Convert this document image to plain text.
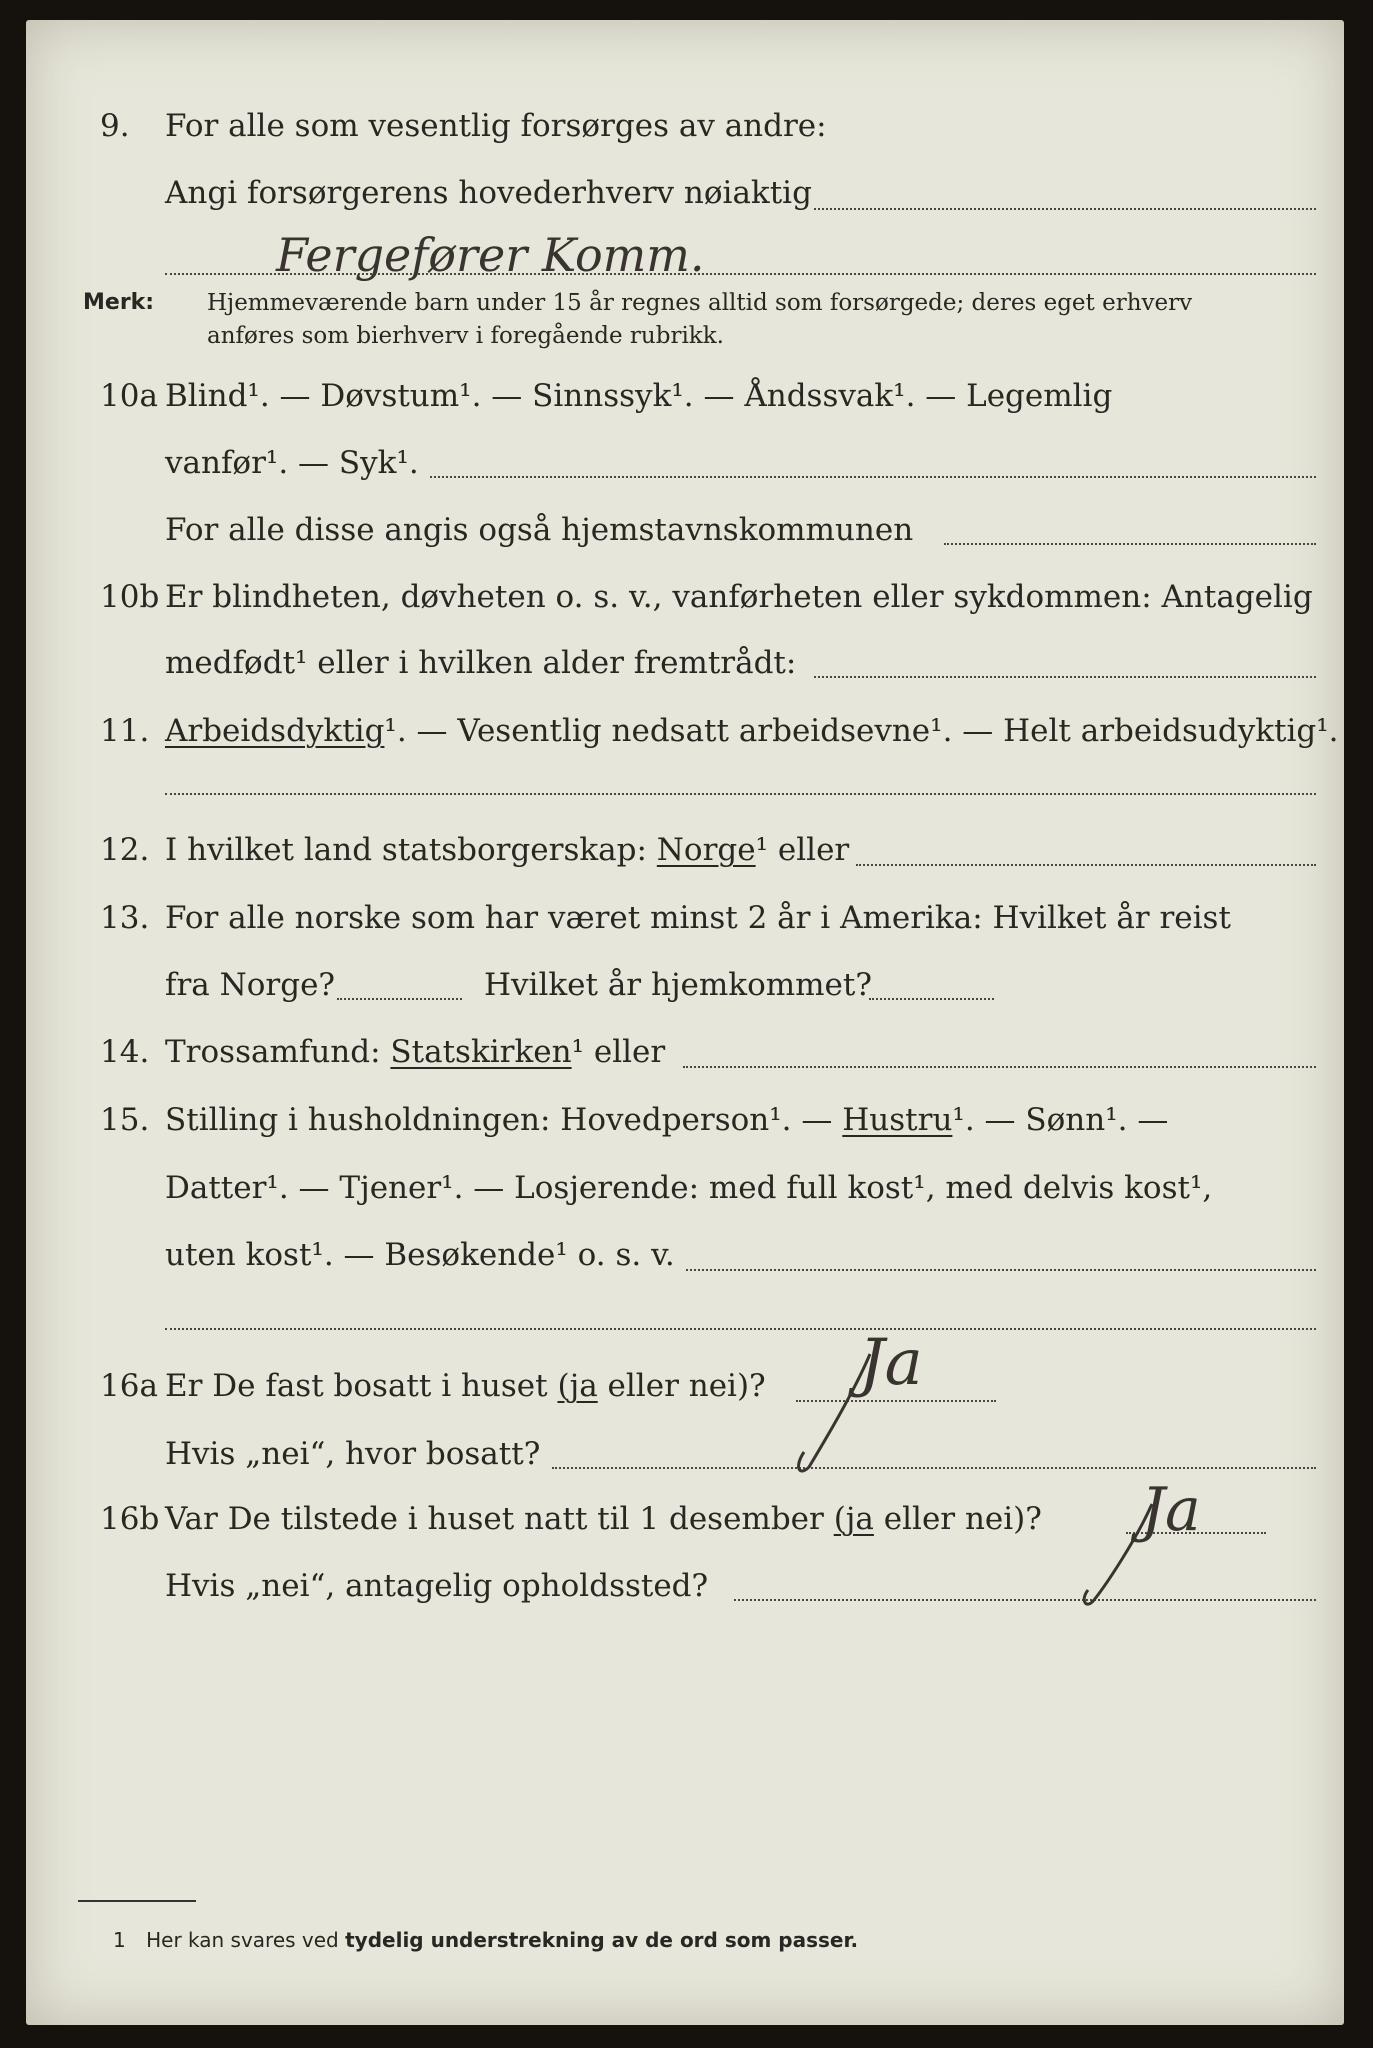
9. For alle som vesentlig forsørges av andre:
Angi forsørgerens hovederhverv nøiaktig
Fergefører Komm.
Merk: Hjemmeværende barn under 15 år regnes alltid som forsørgede; deres eget erhverv
anføres som bierhverv i foregående rubrikk.
10a Blind¹. — Døvstum¹. — Sinnssyk¹. — Åndssvak¹. — Legemlig
vanfør¹. — Syk¹.
For alle disse angis også hjemstavnskommunen
10b Er blindheten, døvheten o. s. v., vanførheten eller sykdommen: Antagelig
medfødt¹ eller i hvilken alder fremtrådt:
11. Arbeidsdyktig¹. — Vesentlig nedsatt arbeidsevne¹. — Helt arbeidsudyktig¹.
12. I hvilket land statsborgerskap: Norge¹ eller
13. For alle norske som har været minst 2 år i Amerika: Hvilket år reist
fra Norge?	Hvilket år hjemkommet?
14. Trossamfund: Statskirken¹ eller
15. Stilling i husholdningen: Hovedperson¹. — Hustru¹. — Sønn¹. —
Datter¹. — Tjener¹. — Losjerende: med full kost¹, med delvis kost¹,
uten kost¹. — Besøkende¹ o. s. v.
16a Er De fast bosatt i huset (ja eller nei)?
Hvis „nei“, hvor bosatt?
Ja
16b Var De tilstede i huset natt til 1 desember (ja eller nei)?
Hvis „nei“, antagelig opholdssted?
Ja
1 Her kan svares ved tydelig understrekning av de ord som passer.
